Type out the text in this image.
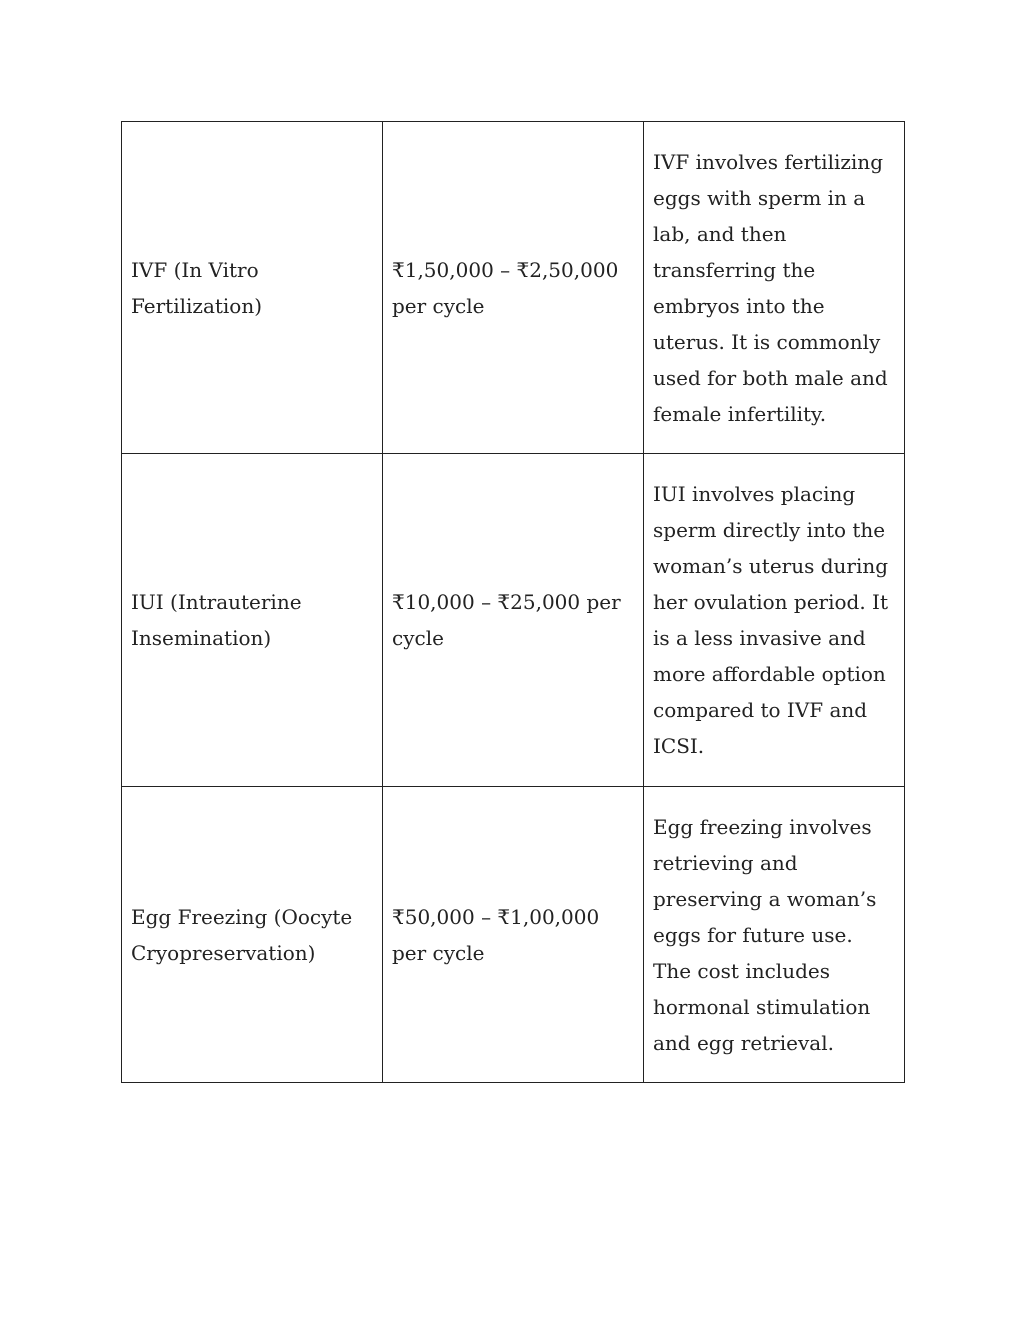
IVF (In Vitro Fertilization)	₹1,50,000 – ₹2,50,000 per cycle	IVF involves fertilizing eggs with sperm in a lab, and then transferring the embryos into the uterus. It is commonly used for both male and female infertility.

IUI (Intrauterine Insemination)	₹10,000 – ₹25,000 per cycle	IUI involves placing sperm directly into the woman’s uterus during her ovulation period. It is a less invasive and more affordable option compared to IVF and ICSI.

Egg Freezing (Oocyte Cryopreservation)	₹50,000 – ₹1,00,000 per cycle	Egg freezing involves retrieving and preserving a woman’s eggs for future use. The cost includes hormonal stimulation and egg retrieval.
